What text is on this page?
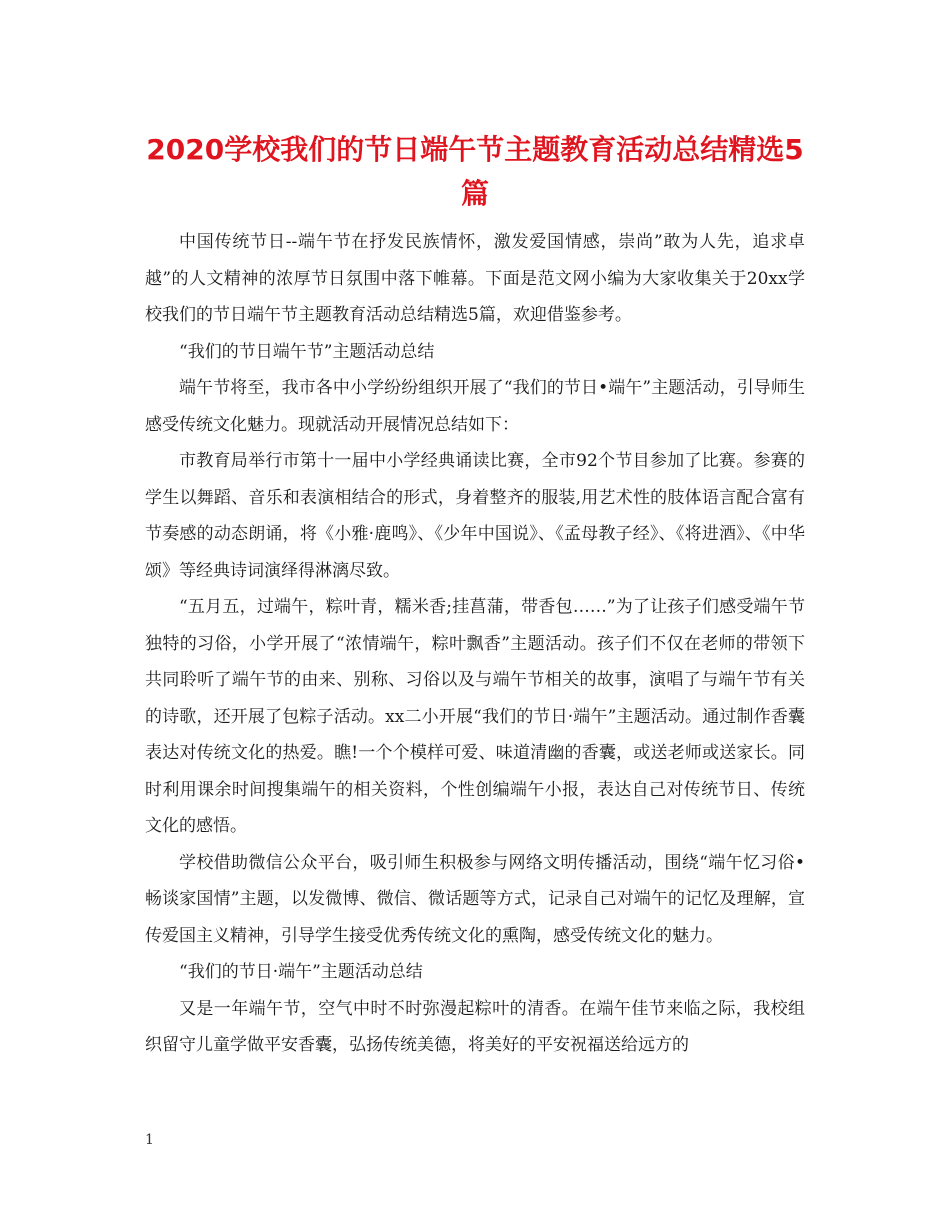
2020学校我们的节日端午节主题教育活动总结精选5篇

中国传统节日--端午节在抒发民族情怀，激发爱国情感，崇尚”敢为人先，追求卓越”的人文精神的浓厚节日氛围中落下帷幕。下面是范文网小编为大家收集关于20xx学校我们的节日端午节主题教育活动总结精选5篇，欢迎借鉴参考。

“我们的节日端午节”主题活动总结

端午节将至，我市各中小学纷纷组织开展了“我们的节日•端午”主题活动，引导师生感受传统文化魅力。现就活动开展情况总结如下：

市教育局举行市第十一届中小学经典诵读比赛，全市92个节目参加了比赛。参赛的学生以舞蹈、音乐和表演相结合的形式，身着整齐的服装,用艺术性的肢体语言配合富有节奏感的动态朗诵，将《小雅·鹿鸣》、《少年中国说》、《孟母教子经》、《将进酒》、《中华颂》等经典诗词演绎得淋漓尽致。

“五月五，过端午，粽叶青，糯米香;挂菖蒲，带香包……”为了让孩子们感受端午节独特的习俗，小学开展了“浓情端午，粽叶飘香”主题活动。孩子们不仅在老师的带领下共同聆听了端午节的由来、别称、习俗以及与端午节相关的故事，演唱了与端午节有关的诗歌，还开展了包粽子活动。xx二小开展“我们的节日·端午”主题活动。通过制作香囊表达对传统文化的热爱。瞧!一个个模样可爱、味道清幽的香囊，或送老师或送家长。同时利用课余时间搜集端午的相关资料，个性创编端午小报，表达自己对传统节日、传统文化的感悟。

学校借助微信公众平台，吸引师生积极参与网络文明传播活动，围绕“端午忆习俗•畅谈家国情”主题，以发微博、微信、微话题等方式，记录自己对端午的记忆及理解，宣传爱国主义精神，引导学生接受优秀传统文化的熏陶，感受传统文化的魅力。

“我们的节日·端午”主题活动总结

又是一年端午节，空气中时不时弥漫起粽叶的清香。在端午佳节来临之际，我校组织留守儿童学做平安香囊，弘扬传统美德，将美好的平安祝福送给远方的

1
